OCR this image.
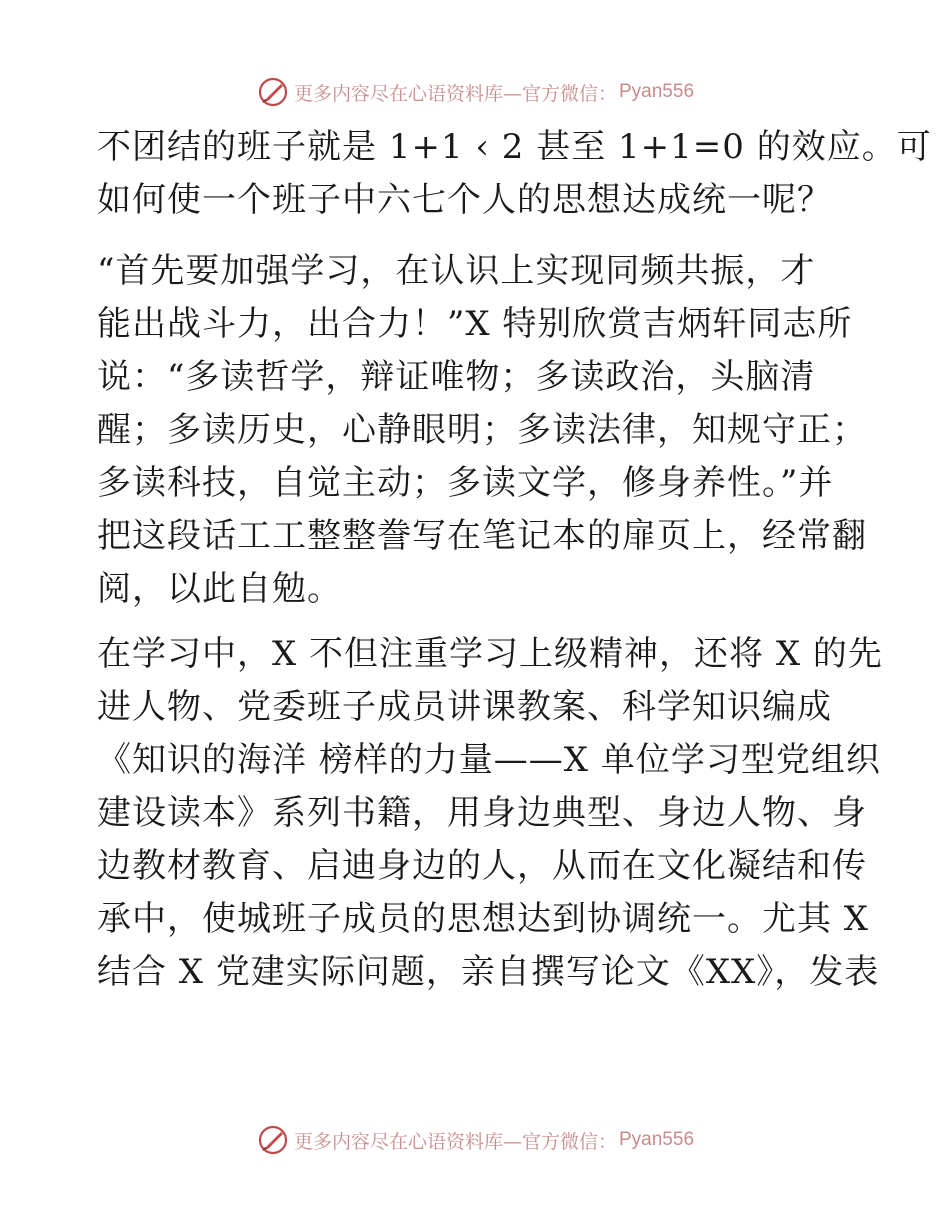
更多内容尽在心语资料库—官方微信： Pyan556
不团结的班子就是 1+1 ‹ 2 甚至 1+1=0 的效应。可
如何使一个班子中六七个人的思想达成统一呢？
“首先要加强学习，在认识上实现同频共振，才
能出战斗力，出合力！”X 特别欣赏吉炳轩同志所
说：“多读哲学，辩证唯物；多读政治，头脑清
醒；多读历史，心静眼明；多读法律，知规守正；
多读科技，自觉主动；多读文学，修身养性。”并
把这段话工工整整誊写在笔记本的扉页上，经常翻
阅，以此自勉。
在学习中，X 不但注重学习上级精神，还将 X 的先
进人物、党委班子成员讲课教案、科学知识编成
《知识的海洋 榜样的力量——X 单位学习型党组织
建设读本》系列书籍，用身边典型、身边人物、身
边教材教育、启迪身边的人，从而在文化凝结和传
承中，使城班子成员的思想达到协调统一。尤其 X
结合 X 党建实际问题，亲自撰写论文《XX》，发表
更多内容尽在心语资料库—官方微信： Pyan556
